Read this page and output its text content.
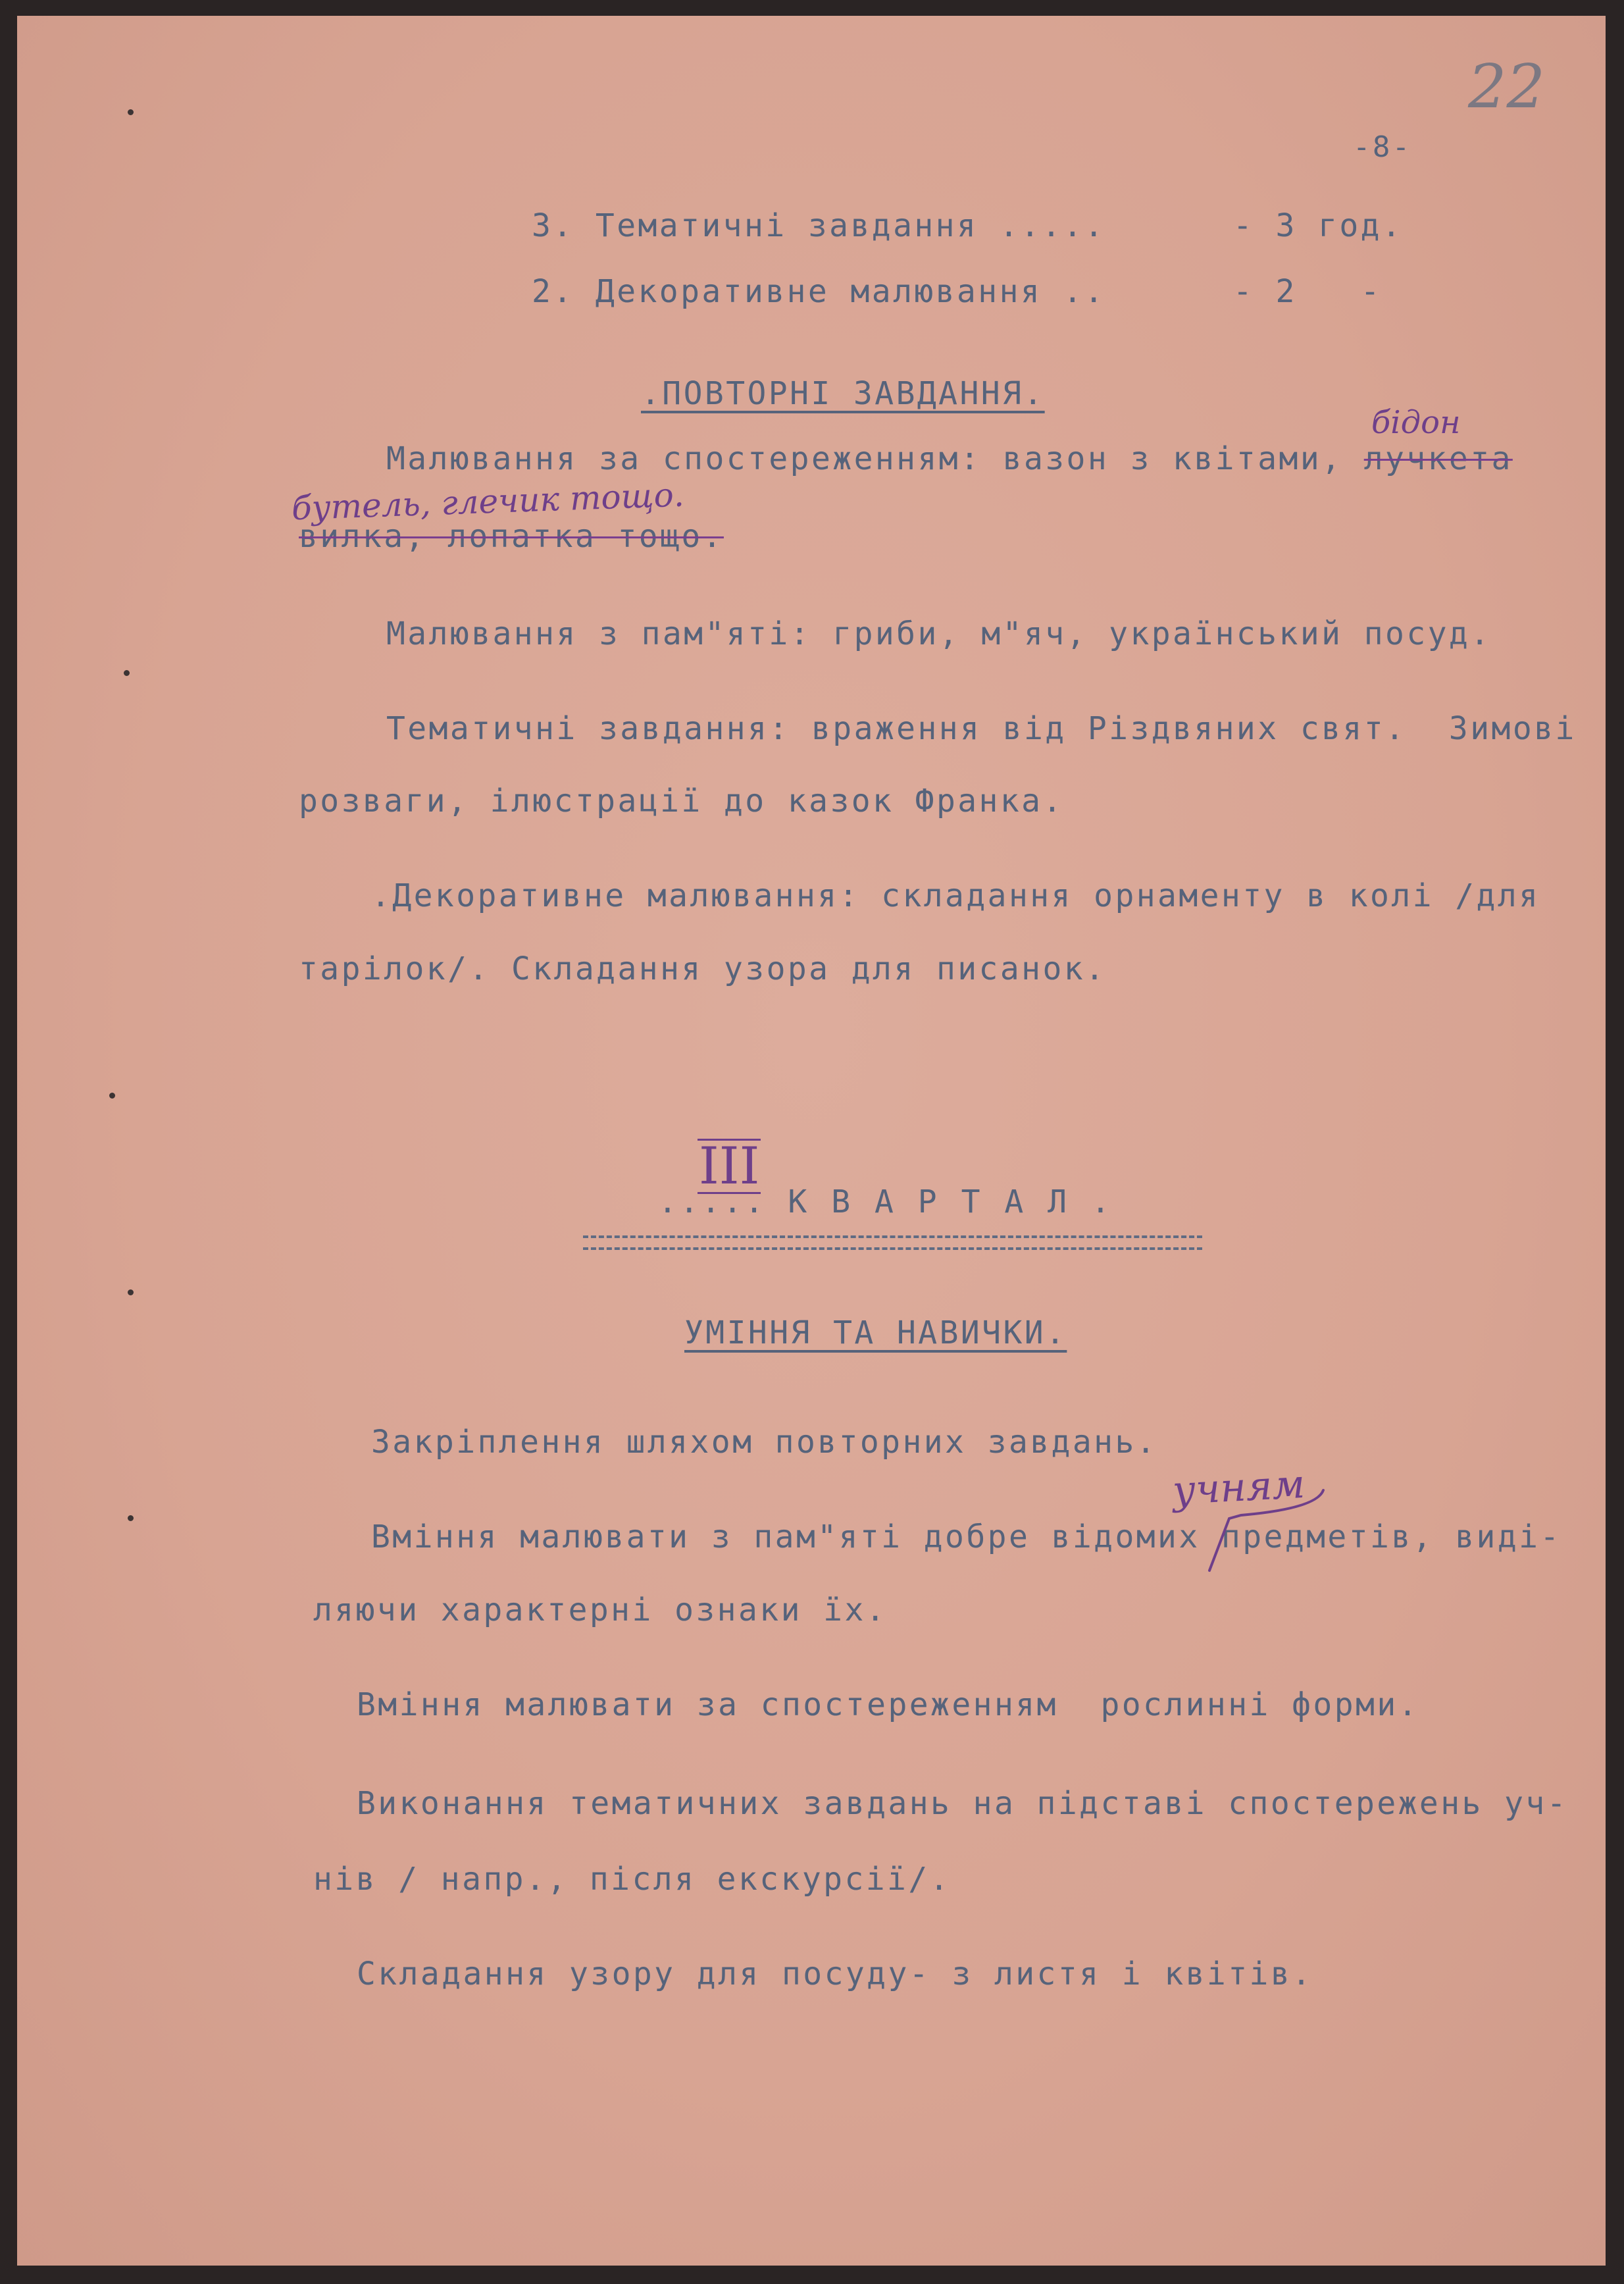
22
-8-
3. Тематичні завдання .....      - 3 год.
2. Декоративне малювання ..      - 2   -
.ПОВТОРНІ ЗАВДАННЯ.
бідон
Малювання за спостереженням: вазон з квітами, лучкета
бутель, глечик тощо.
вилка, лопатка тощо.
Малювання з пам"яті: гриби, м"яч, український посуд.
Тематичні завдання: враження від Різдвяних свят.  Зимові
розваги, ілюстрації до казок Франка.
.Декоративне малювання: складання орнаменту в колі /для
тарілок/. Складання узора для писанок.
III
..... К В А Р Т А Л .
УМІННЯ ТА НАВИЧКИ.
Закріплення шляхом повторних завдань.
учням
Вміння малювати з пам"яті добре відомих предметів, виді-
ляючи характерні ознаки їх.
Вміння малювати за спостереженням  рослинні форми.
Виконання тематичних завдань на підставі спостережень уч-
нів / напр., після екскурсії/.
Складання узору для посуду- з листя і квітів.
